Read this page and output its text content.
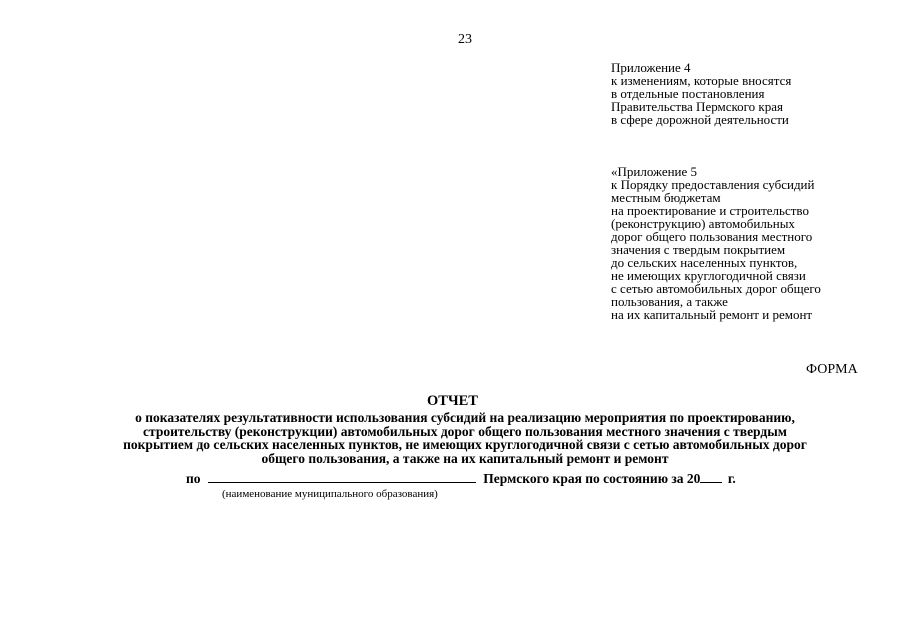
23
Приложение 4
к изменениям, которые вносятся
в отдельные постановления
Правительства Пермского края
в сфере дорожной деятельности
«Приложение 5
к Порядку предоставления субсидий
местным бюджетам
на проектирование и строительство
(реконструкцию) автомобильных
дорог общего пользования местного
значения с твердым покрытием
до сельских населенных пунктов,
не имеющих круглогодичной связи
с сетью автомобильных дорог общего
пользования, а также
на их капитальный ремонт и ремонт
ФОРМА
ОТЧЕТ
о показателях результативности использования субсидий на реализацию мероприятия по проектированию,
строительству (реконструкции) автомобильных дорог общего пользования местного значения с твердым
покрытием до сельских населенных пунктов, не имеющих круглогодичной связи с сетью автомобильных дорог
общего пользования, а также на их капитальный ремонт и ремонт
по	Пермского края по состоянию за 20 г.
(наименование муниципального образования)
